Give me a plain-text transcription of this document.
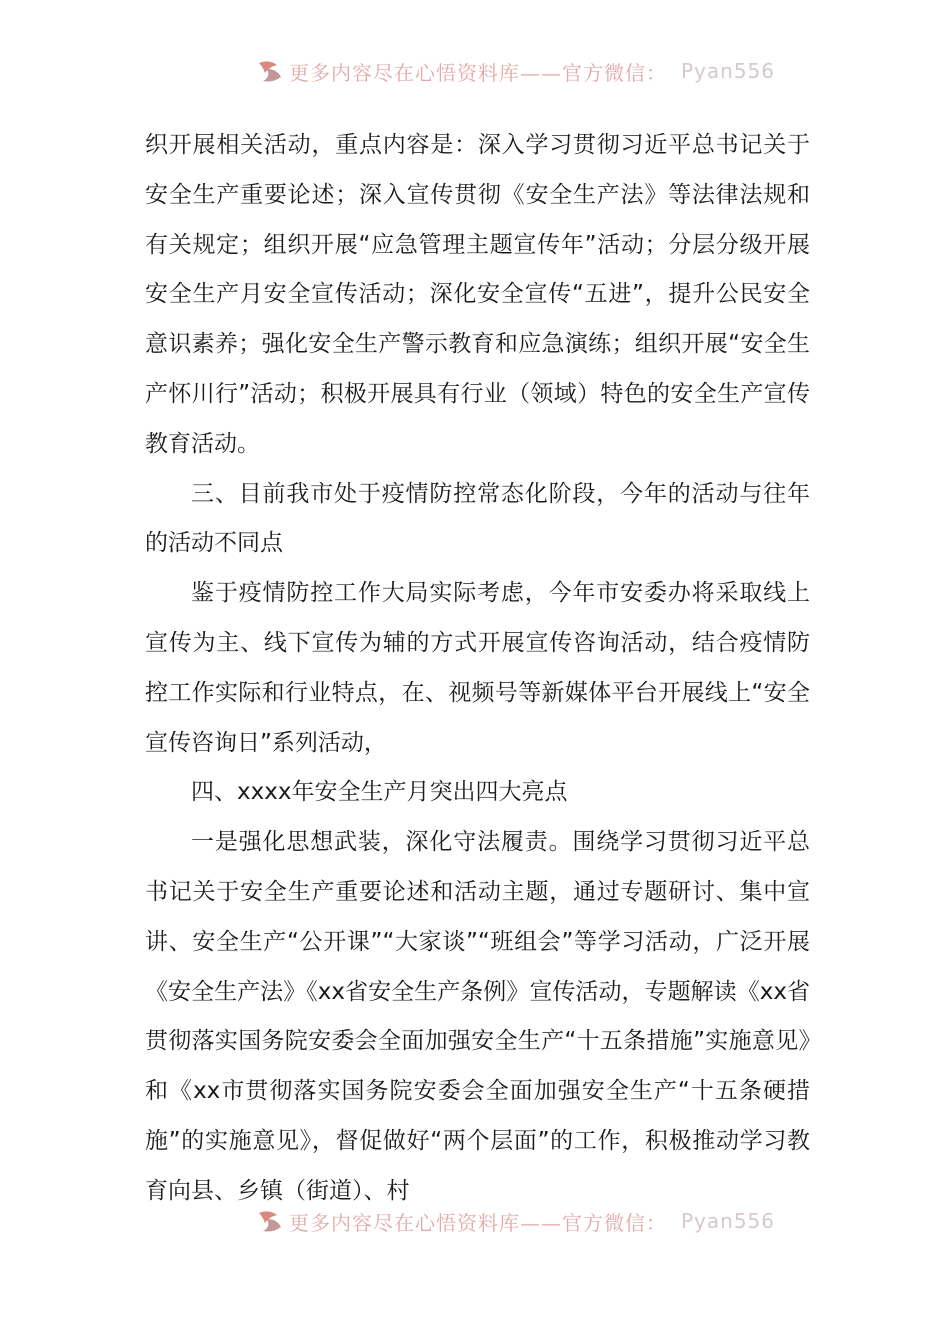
更多内容尽在心悟资料库——官方微信： Pyan556

织开展相关活动，重点内容是：深入学习贯彻习近平总书记关于安全生产重要论述；深入宣传贯彻《安全生产法》等法律法规和有关规定；组织开展“应急管理主题宣传年”活动；分层分级开展安全生产月安全宣传活动；深化安全宣传“五进”，提升公民安全意识素养；强化安全生产警示教育和应急演练；组织开展“安全生产怀川行”活动；积极开展具有行业（领域）特色的安全生产宣传教育活动。

三、目前我市处于疫情防控常态化阶段，今年的活动与往年的活动不同点

鉴于疫情防控工作大局实际考虑，今年市安委办将采取线上宣传为主、线下宣传为辅的方式开展宣传咨询活动，结合疫情防控工作实际和行业特点，在、视频号等新媒体平台开展线上“安全宣传咨询日”系列活动，

四、xxxx年安全生产月突出四大亮点

一是强化思想武装，深化守法履责。围绕学习贯彻习近平总书记关于安全生产重要论述和活动主题，通过专题研讨、集中宣讲、安全生产“公开课”“大家谈”“班组会”等学习活动，广泛开展《安全生产法》《xx省安全生产条例》宣传活动，专题解读《xx省贯彻落实国务院安委会全面加强安全生产“十五条措施”实施意见》和《xx市贯彻落实国务院安委会全面加强安全生产“十五条硬措施”的实施意见》，督促做好“两个层面”的工作，积极推动学习教育向县、乡镇（街道）、村

更多内容尽在心悟资料库——官方微信： Pyan556
